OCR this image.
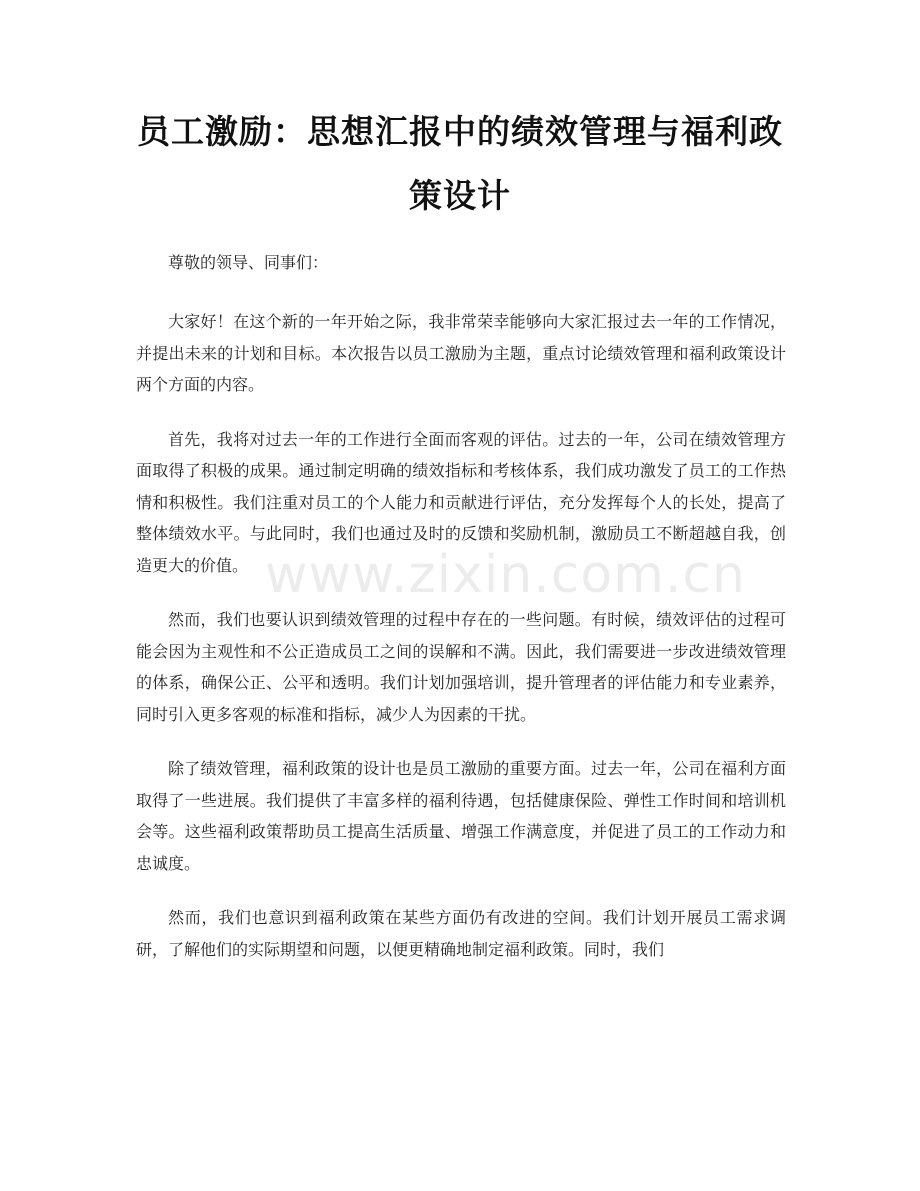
员工激励：思想汇报中的绩效管理与福利政策设计

尊敬的领导、同事们：

大家好！在这个新的一年开始之际，我非常荣幸能够向大家汇报过去一年的工作情况，并提出未来的计划和目标。本次报告以员工激励为主题，重点讨论绩效管理和福利政策设计两个方面的内容。

首先，我将对过去一年的工作进行全面而客观的评估。过去的一年，公司在绩效管理方面取得了积极的成果。通过制定明确的绩效指标和考核体系，我们成功激发了员工的工作热情和积极性。我们注重对员工的个人能力和贡献进行评估，充分发挥每个人的长处，提高了整体绩效水平。与此同时，我们也通过及时的反馈和奖励机制，激励员工不断超越自我，创造更大的价值。

然而，我们也要认识到绩效管理的过程中存在的一些问题。有时候，绩效评估的过程可能会因为主观性和不公正造成员工之间的误解和不满。因此，我们需要进一步改进绩效管理的体系，确保公正、公平和透明。我们计划加强培训，提升管理者的评估能力和专业素养，同时引入更多客观的标准和指标，减少人为因素的干扰。

除了绩效管理，福利政策的设计也是员工激励的重要方面。过去一年，公司在福利方面取得了一些进展。我们提供了丰富多样的福利待遇，包括健康保险、弹性工作时间和培训机会等。这些福利政策帮助员工提高生活质量、增强工作满意度，并促进了员工的工作动力和忠诚度。

然而，我们也意识到福利政策在某些方面仍有改进的空间。我们计划开展员工需求调研，了解他们的实际期望和问题，以便更精确地制定福利政策。同时，我们

www.zixin.com.cn
